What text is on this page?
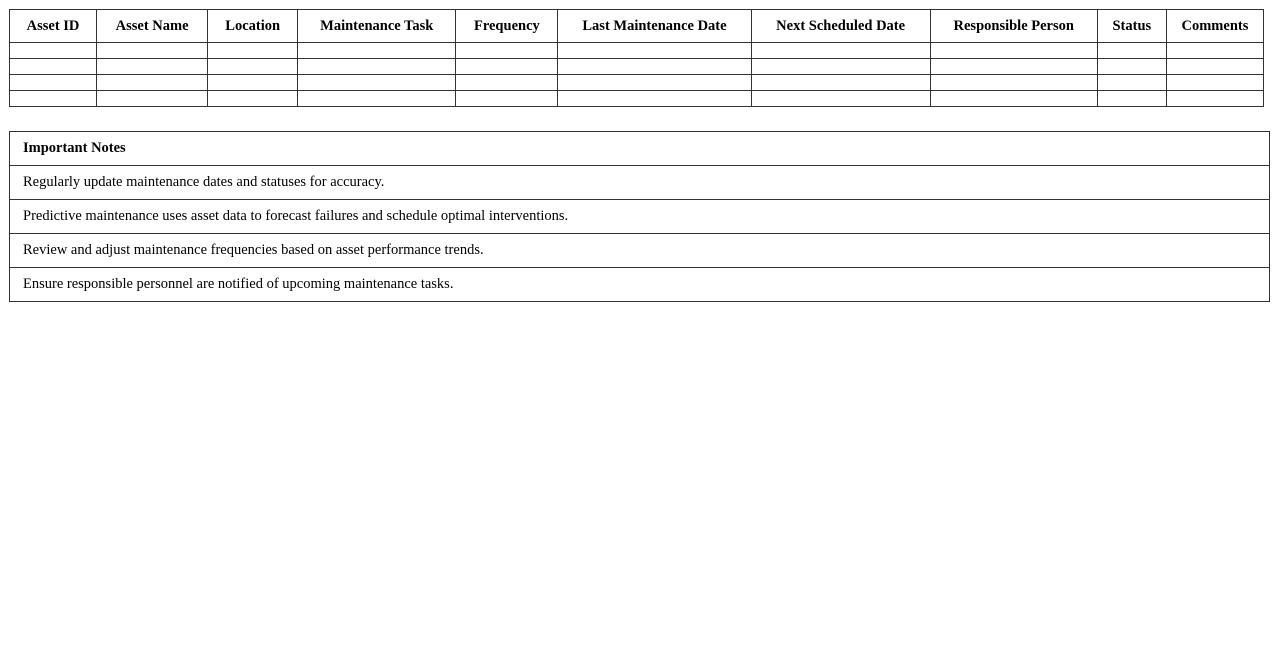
Asset ID	Asset Name	Location	Maintenance Task	Frequency	Last Maintenance Date	Next Scheduled Date	Responsible Person	Status	Comments

Important Notes
Regularly update maintenance dates and statuses for accuracy.
Predictive maintenance uses asset data to forecast failures and schedule optimal interventions.
Review and adjust maintenance frequencies based on asset performance trends.
Ensure responsible personnel are notified of upcoming maintenance tasks.
